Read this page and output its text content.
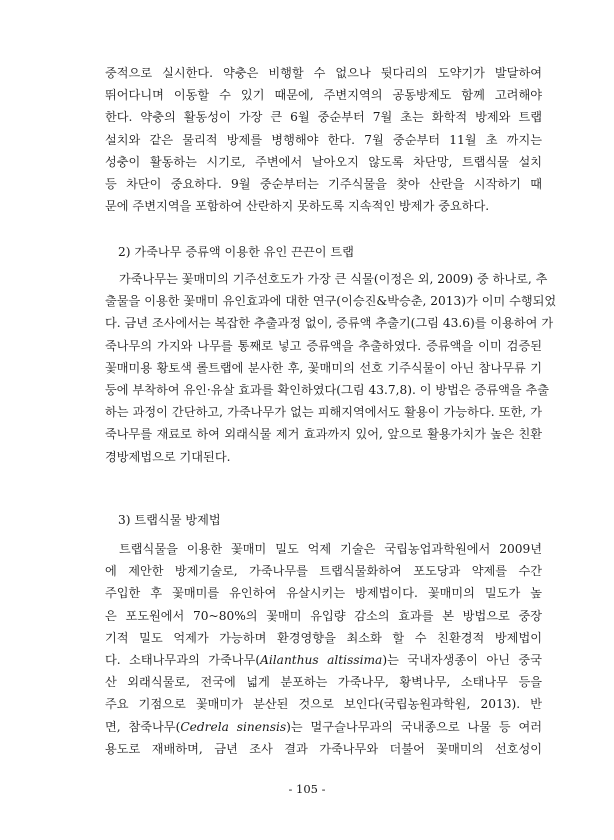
중적으로 실시한다. 약충은 비행할 수 없으나 뒷다리의 도약기가 발달하여
뛰어다니며 이동할 수 있기 때문에, 주변지역의 공동방제도 함께 고려해야
한다. 약충의 활동성이 가장 큰 6월 중순부터 7월 초는 화학적 방제와 트랩
설치와 같은 물리적 방제를 병행해야 한다. 7월 중순부터 11월 초 까지는
성충이 활동하는 시기로, 주변에서 날아오지 않도록 차단망, 트랩식물 설치
등 차단이 중요하다. 9월 중순부터는 기주식물을 찾아 산란을 시작하기 때
문에 주변지역을 포함하여 산란하지 못하도록 지속적인 방제가 중요하다.
2) 가죽나무 증류액 이용한 유인 끈끈이 트랩
가죽나무는 꽃매미의 기주선호도가 가장 큰 식물(이정은 외, 2009) 중 하나로, 추
출물을 이용한 꽃매미 유인효과에 대한 연구(이승진&박승춘, 2013)가 이미 수행되었
다. 금년 조사에서는 복잡한 추출과정 없이, 증류액 추출기(그림 43.6)를 이용하여 가
죽나무의 가지와 나무를 통째로 넣고 증류액을 추출하였다. 증류액을 이미 검증된
꽃매미용 황토색 롤트랩에 분사한 후, 꽃매미의 선호 기주식물이 아닌 참나무류 기
둥에 부착하여 유인·유살 효과를 확인하였다(그림 43.7,8). 이 방법은 증류액을 추출
하는 과정이 간단하고, 가죽나무가 없는 피해지역에서도 활용이 가능하다. 또한, 가
죽나무를 재료로 하여 외래식물 제거 효과까지 있어, 앞으로 활용가치가 높은 친환
경방제법으로 기대된다.
3) 트랩식물 방제법
트랩식물을 이용한 꽃매미 밀도 억제 기술은 국립농업과학원에서 2009년
에 제안한 방제기술로, 가죽나무를 트랩식물화하여 포도당과 약제를 수간
주입한 후 꽃매미를 유인하여 유살시키는 방제법이다. 꽃매미의 밀도가 높
은 포도원에서 70~80%의 꽃매미 유입량 감소의 효과를 본 방법으로 중장
기적 밀도 억제가 가능하며 환경영향을 최소화 할 수 친환경적 방제법이
다. 소태나무과의 가죽나무(Ailanthus altissima)는 국내자생종이 아닌 중국
산 외래식물로, 전국에 넓게 분포하는 가죽나무, 황벽나무, 소태나무 등을
주요 기점으로 꽃매미가 분산된 것으로 보인다(국립농원과학원, 2013). 반
면, 참죽나무(Cedrela sinensis)는 멀구슬나무과의 국내종으로 나물 등 여러
용도로 재배하며, 금년 조사 결과 가죽나무와 더불어 꽃매미의 선호성이
- 105 -
